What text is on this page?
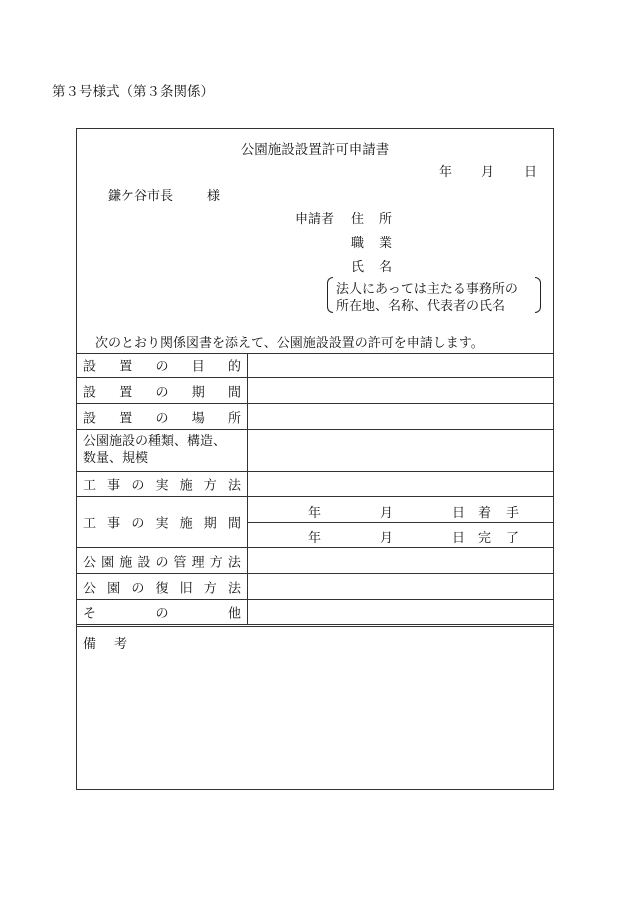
第３号様式（第３条関係）
公園施設設置許可申請書
年 月 日
鎌ケ谷市長	様
申請者 住 所
職 業
氏 名
法人にあっては主たる事務所の
所在地、名称、代表者の氏名
次のとおり関係図書を添えて、公園施設設置の許可を申請します。
設 置 の 目 的
設 置 の 期 間
設 置 の 場 所
公園施設の種類、構造、
数量、規模
工 事 の 実 施 方 法
工 事 の 実 施 期 間
年	月	日 着 手
年	月	日 完 了
公 園 施 設 の 管 理 方 法
公 園 の 復 旧 方 法
そ	の	他
備 考
